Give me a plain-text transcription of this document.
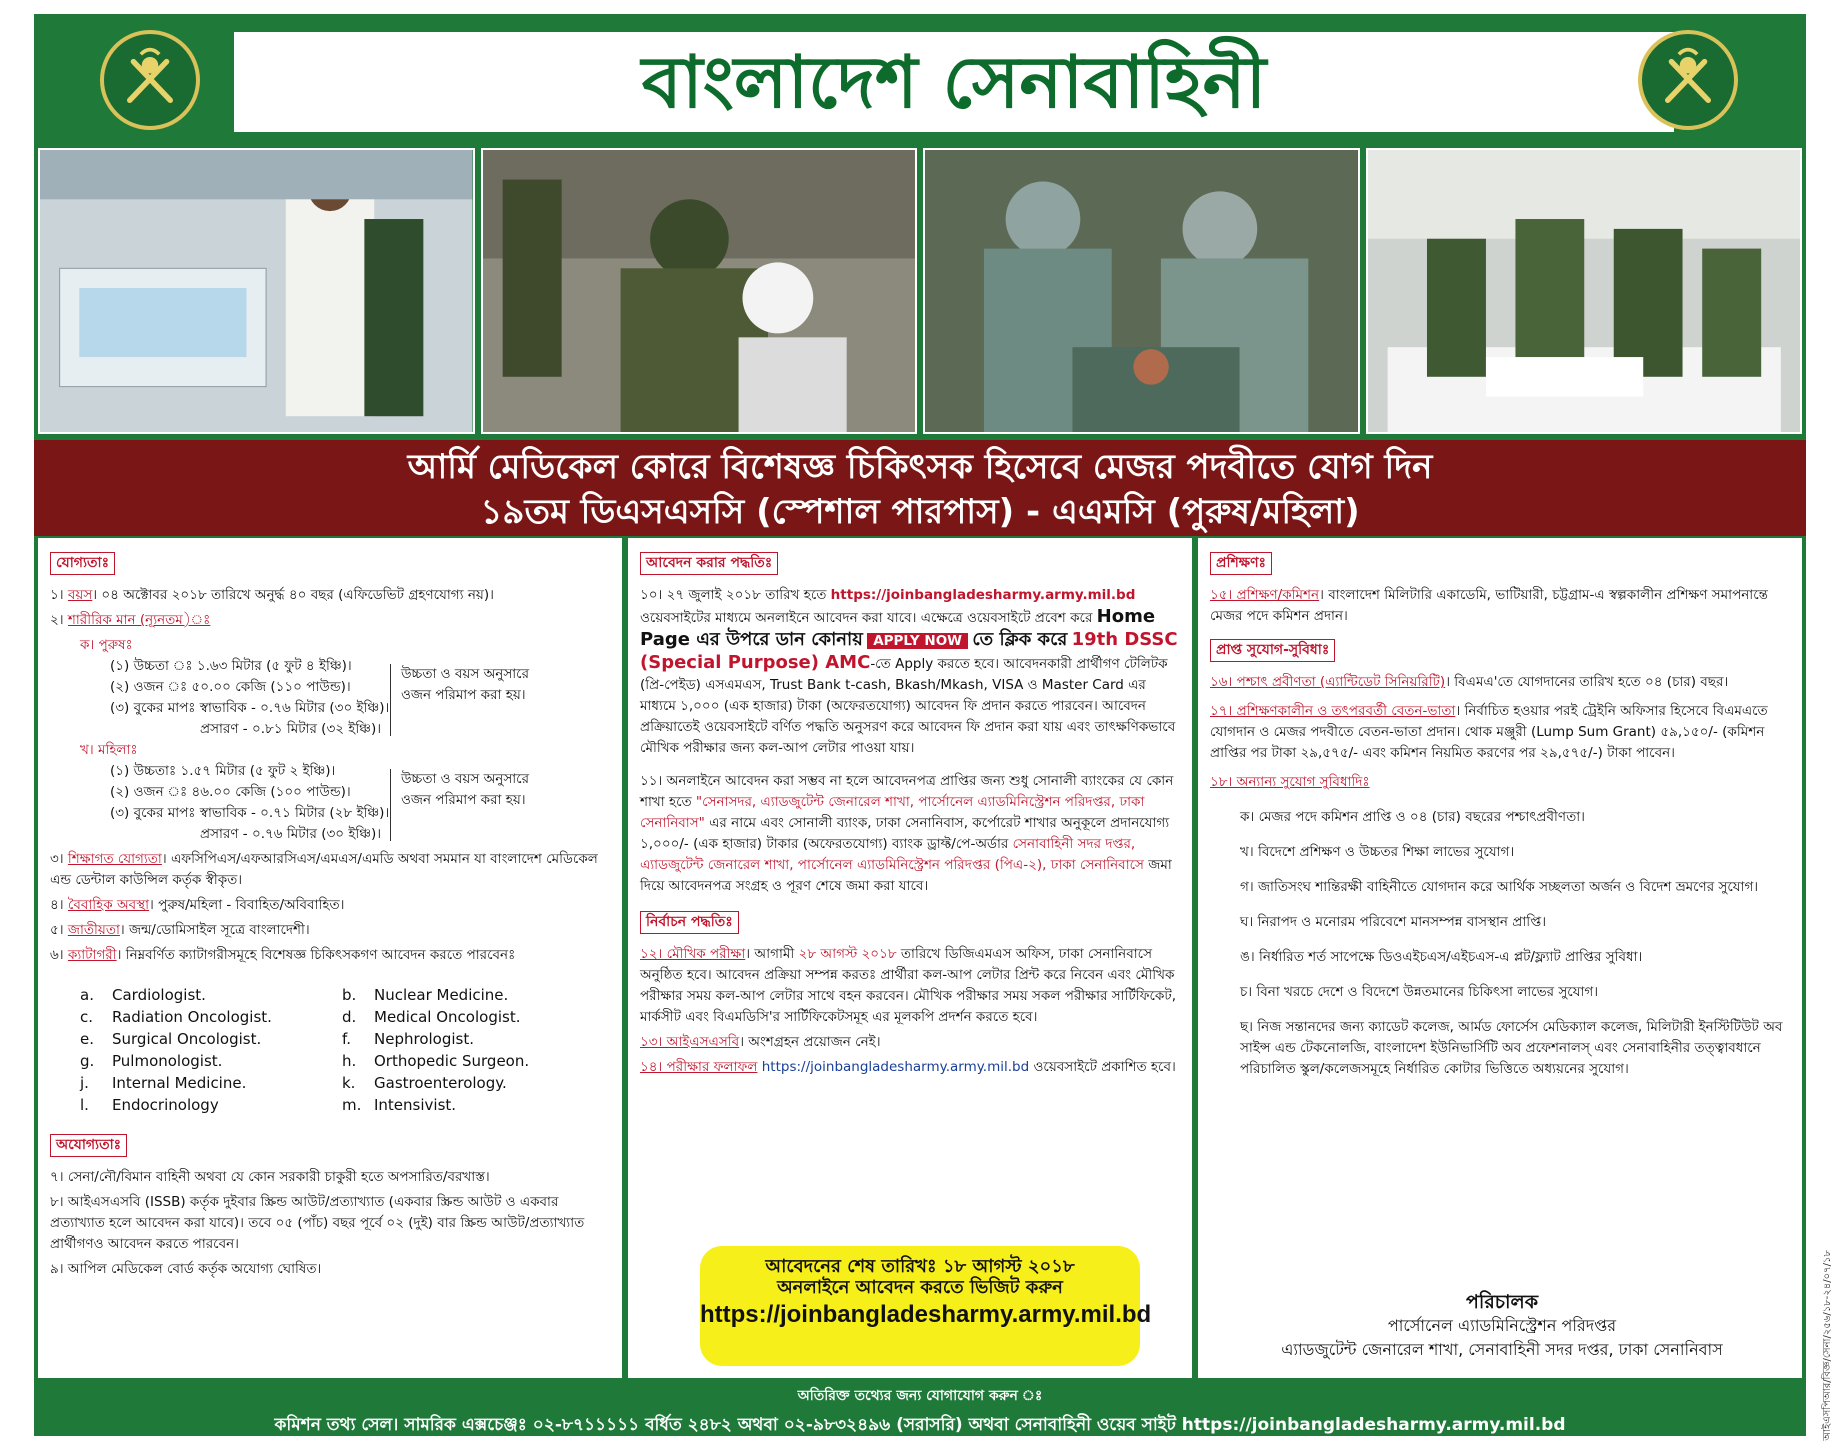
বাংলাদেশ সেনাবাহিনী
আর্মি মেডিকেল কোরে বিশেষজ্ঞ চিকিৎসক হিসেবে মেজর পদবীতে যোগ দিন
১৯তম ডিএসএসসি (স্পেশাল পারপাস) - এএমসি (পুরুষ/মহিলা)
যোগ্যতাঃ
১। বয়স। ০৪ অক্টোবর ২০১৮ তারিখে অনুর্দ্ধ ৪০ বছর (এফিডেভিট গ্রহণযোগ্য নয়)।
২। শারীরিক মান (ন্যূনতম)ঃ
ক। পুরুষঃ
(১) উচ্চতা ঃ ১.৬৩ মিটার (৫ ফুট ৪ ইঞ্চি)।
(২) ওজন ঃ ৫০.০০ কেজি (১১০ পাউন্ড)।
(৩) বুকের মাপঃ স্বাভাবিক - ০.৭৬ মিটার (৩০ ইঞ্চি)।
প্রসারণ - ০.৮১ মিটার (৩২ ইঞ্চি)।
উচ্চতা ও বয়স অনুসারে ওজন পরিমাপ করা হয়।
খ। মহিলাঃ
(১) উচ্চতাঃ ১.৫৭ মিটার (৫ ফুট ২ ইঞ্চি)।
(২) ওজন ঃ ৪৬.০০ কেজি (১০০ পাউন্ড)।
(৩) বুকের মাপঃ স্বাভাবিক - ০.৭১ মিটার (২৮ ইঞ্চি)।
প্রসারণ - ০.৭৬ মিটার (৩০ ইঞ্চি)।
উচ্চতা ও বয়স অনুসারে ওজন পরিমাপ করা হয়।
৩। শিক্ষাগত যোগ্যতা। এফসিপিএস/এফআরসিএস/এমএস/এমডি অথবা সমমান যা বাংলাদেশ মেডিকেল এন্ড ডেন্টাল কাউন্সিল কর্তৃক স্বীকৃত।
৪। বৈবাহিক অবস্থা। পুরুষ/মহিলা - বিবাহিত/অবিবাহিত।
৫। জাতীয়তা। জন্ম/ডোমিসাইল সূত্রে বাংলাদেশী।
৬। ক্যাটাগরী। নিম্নবর্ণিত ক্যাটাগরীসমূহে বিশেষজ্ঞ চিকিৎসকগণ আবেদন করতে পারবেনঃ
a.	Cardiologist.	b.	Nuclear Medicine.
c.	Radiation Oncologist.	d.	Medical Oncologist.
e.	Surgical Oncologist.	f.	Nephrologist.
g.	Pulmonologist.	h.	Orthopedic Surgeon.
j.	Internal Medicine.	k.	Gastroenterology.
l.	Endocrinology	m. Intensivist.
অযোগ্যতাঃ
৭। সেনা/নৌ/বিমান বাহিনী অথবা যে কোন সরকারী চাকুরী হতে অপসারিত/বরখাস্ত।
৮। আইএসএসবি (ISSB) কর্তৃক দুইবার স্ক্রিন্ড আউট/প্রত্যাখ্যাত (একবার স্ক্রিন্ড আউট ও একবার প্রত্যাখ্যাত হলে আবেদন করা যাবে)। তবে ০৫ (পাঁচ) বছর পূর্বে ০২ (দুই) বার স্ক্রিন্ড আউট/প্রত্যাখ্যাত প্রার্থীগণও আবেদন করতে পারবেন।
৯। আপিল মেডিকেল বোর্ড কর্তৃক অযোগ্য ঘোষিত।
আবেদন করার পদ্ধতিঃ
১০। ২৭ জুলাই ২০১৮ তারিখ হতে https://joinbangladesharmy.army.mil.bd ওয়েবসাইটের মাধ্যমে অনলাইনে আবেদন করা যাবে। এক্ষেত্রে ওয়েবসাইটে প্রবেশ করে Home Page এর উপরে ডান কোনায় APPLY NOW তে ক্লিক করে 19th DSSC (Special Purpose) AMC-তে Apply করতে হবে। আবেদনকারী প্রার্থীগণ টেলিটক (প্রি-পেইড) এসএমএস, Trust Bank t-cash, Bkash/Mkash, VISA ও Master Card এর মাধ্যমে ১,০০০ (এক হাজার) টাকা (অফেরতযোগ্য) আবেদন ফি প্রদান করতে পারবেন। আবেদন প্রক্রিয়াতেই ওয়েবসাইটে বর্ণিত পদ্ধতি অনুসরণ করে আবেদন ফি প্রদান করা যায় এবং তাৎক্ষণিকভাবে মৌখিক পরীক্ষার জন্য কল-আপ লেটার পাওয়া যায়।
১১। অনলাইনে আবেদন করা সম্ভব না হলে আবেদনপত্র প্রাপ্তির জন্য শুধু সোনালী ব্যাংকের যে কোন শাখা হতে "সেনাসদর, এ্যাডজুটেন্ট জেনারেল শাখা, পার্সোনেল এ্যাডমিনিস্ট্রেশন পরিদপ্তর, ঢাকা সেনানিবাস" এর নামে এবং সোনালী ব্যাংক, ঢাকা সেনানিবাস, কর্পোরেট শাখার অনুকূলে প্রদানযোগ্য ১,০০০/- (এক হাজার) টাকার (অফেরতযোগ্য) ব্যাংক ড্রাফ্ট/পে-অর্ডার সেনাবাহিনী সদর দপ্তর, এ্যাডজুটেন্ট জেনারেল শাখা, পার্সোনেল এ্যাডমিনিস্ট্রেশন পরিদপ্তর (পিএ-২), ঢাকা সেনানিবাসে জমা দিয়ে আবেদনপত্র সংগ্রহ ও পূরণ শেষে জমা করা যাবে।
নির্বাচন পদ্ধতিঃ
১২। মৌখিক পরীক্ষা। আগামী ২৮ আগস্ট ২০১৮ তারিখে ডিজিএমএস অফিস, ঢাকা সেনানিবাসে অনুষ্ঠিত হবে। আবেদন প্রক্রিয়া সম্পন্ন করতঃ প্রার্থীরা কল-আপ লেটার প্রিন্ট করে নিবেন এবং মৌখিক পরীক্ষার সময় কল-আপ লেটার সাথে বহন করবেন। মৌখিক পরীক্ষার সময় সকল পরীক্ষার সার্টিফিকেট, মার্কসীট এবং বিএমডিসি'র সার্টিফিকেটসমূহ এর মূলকপি প্রদর্শন করতে হবে।
১৩। আইএসএসবি। অংশগ্রহন প্রয়োজন নেই।
১৪। পরীক্ষার ফলাফল https://joinbangladesharmy.army.mil.bd ওয়েবসাইটে প্রকাশিত হবে।
আবেদনের শেষ তারিখঃ ১৮ আগস্ট ২০১৮
অনলাইনে আবেদন করতে ভিজিট করুন
https://joinbangladesharmy.army.mil.bd
প্রশিক্ষণঃ
১৫। প্রশিক্ষণ/কমিশন। বাংলাদেশ মিলিটারি একাডেমি, ভাটিয়ারী, চট্টগ্রাম-এ স্বল্পকালীন প্রশিক্ষণ সমাপনান্তে মেজর পদে কমিশন প্রদান।
প্রাপ্ত সুযোগ-সুবিধাঃ
১৬। পশ্চাৎ প্রবীণতা (এ্যান্টিডেট সিনিয়রিটি)। বিএমএ'তে যোগদানের তারিখ হতে ০৪ (চার) বছর।
১৭। প্রশিক্ষণকালীন ও তৎপরবর্তী বেতন-ভাতা। নির্বাচিত হওয়ার পরই ট্রেইনি অফিসার হিসেবে বিএমএতে যোগদান ও মেজর পদবীতে বেতন-ভাতা প্রদান। থোক মঞ্জুরী (Lump Sum Grant) ৫৯,১৫০/- (কমিশন প্রাপ্তির পর টাকা ২৯,৫৭৫/- এবং কমিশন নিয়মিত করণের পর ২৯,৫৭৫/-) টাকা পাবেন।
১৮। অন্যান্য সুযোগ সুবিধাদিঃ
ক। মেজর পদে কমিশন প্রাপ্তি ও ০৪ (চার) বছরের পশ্চাৎপ্রবীণতা।
খ। বিদেশে প্রশিক্ষণ ও উচ্চতর শিক্ষা লাভের সুযোগ।
গ। জাতিসংঘ শান্তিরক্ষী বাহিনীতে যোগদান করে আর্থিক সচ্ছলতা অর্জন ও বিদেশ ভ্রমণের সুযোগ।
ঘ। নিরাপদ ও মনোরম পরিবেশে মানসম্পন্ন বাসস্থান প্রাপ্তি।
ঙ। নির্ধারিত শর্ত সাপেক্ষে ডিওএইচএস/এইচএস-এ প্লট/ফ্ল্যাট প্রাপ্তির সুবিধা।
চ। বিনা খরচে দেশে ও বিদেশে উন্নতমানের চিকিৎসা লাভের সুযোগ।
ছ। নিজ সন্তানদের জন্য ক্যাডেট কলেজ, আর্মড ফোর্সেস মেডিক্যাল কলেজ, মিলিটারী ইনস্টিটিউট অব সাইন্স এন্ড টেকনোলজি, বাংলাদেশ ইউনিভার্সিটি অব প্রফেশনালস্ এবং সেনাবাহিনীর তত্ত্বাবধানে পরিচালিত স্কুল/কলেজসমূহে নির্ধারিত কোটার ভিত্তিতে অধ্যয়নের সুযোগ।
পরিচালক
পার্সোনেল এ্যাডমিনিস্ট্রেশন পরিদপ্তর
এ্যাডজুটেন্ট জেনারেল শাখা, সেনাবাহিনী সদর দপ্তর, ঢাকা সেনানিবাস
অতিরিক্ত তথ্যের জন্য যোগাযোগ করুন ঃ
কমিশন তথ্য সেল। সামরিক এক্সচেঞ্জঃ ০২-৮৭১১১১১ বর্ধিত ২৪৮২ অথবা ০২-৯৮৩২৪৯৬ (সরাসরি) অথবা সেনাবাহিনী ওয়েব সাইট https://joinbangladesharmy.army.mil.bd	আইএসপিআর/বিজ্ঞ/সেনা/২৫৬/১৮-২৪/০৭/১৮
